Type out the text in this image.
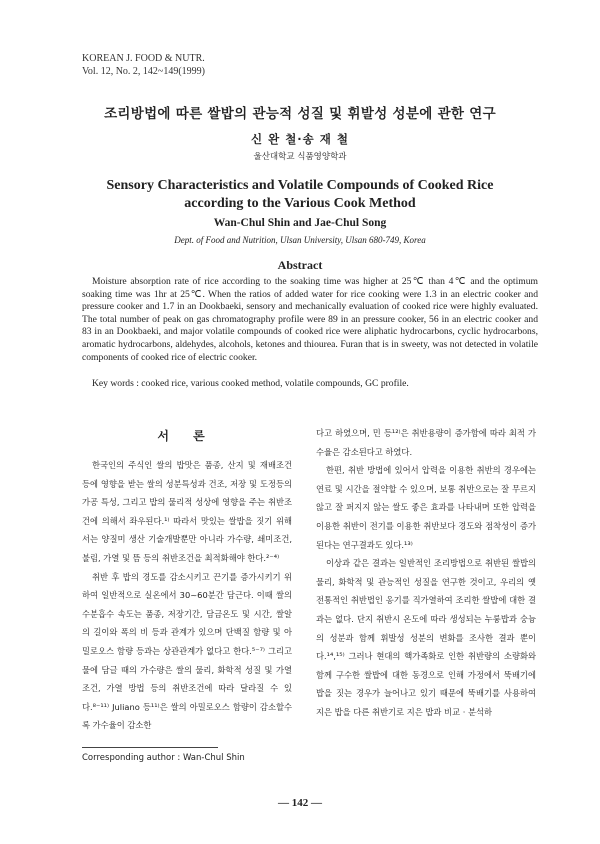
KOREAN J. FOOD & NUTR.
Vol. 12, No. 2, 142~149(1999)
조리방법에 따른 쌀밥의 관능적 성질 및 휘발성 성분에 관한 연구
신 완 철·송 재 철
울산대학교 식품영양학과
Sensory Characteristics and Volatile Compounds of Cooked Rice
according to the Various Cook Method
Wan-Chul Shin and Jae-Chul Song
Dept. of Food and Nutrition, Ulsan University, Ulsan 680-749, Korea
Abstract
Moisture absorption rate of rice according to the soaking time was higher at 25℃ than 4℃ and the optimum soaking time was 1hr at 25℃. When the ratios of added water for rice cooking were 1.3 in an electric cooker and pressure cooker and 1.7 in an Dookbaeki, sensory and mechanically evaluation of cooked rice were highly evaluated. The total number of peak on gas chromatography profile were 89 in an pressure cooker, 56 in an electric cooker and 83 in an Dookbaeki, and major volatile compounds of cooked rice were aliphatic hydrocarbons, cyclic hydrocarbons, aromatic hydrocarbons, aldehydes, alcohols, ketones and thiourea. Furan that is in sweety, was not detected in volatile components of cooked rice of electric cooker.
Key words : cooked rice, various cooked method, volatile compounds, GC profile.
서 론

한국인의 주식인 쌀의 밥맛은 품종, 산지 및 재배조건 등에 영향을 받는 쌀의 성분특성과 건조, 저장 및 도정등의 가공 특성, 그리고 밥의 물리적 성상에 영향을 주는 취반조건에 의해서 좌우된다.¹⁾ 따라서 맛있는 쌀밥을 짓기 위해서는 양질미 생산 기술개발뿐만 아니라 가수량, 쇄미조건, 불림, 가열 및 뜸 등의 취반조건을 최적화해야 한다.²⁻⁴⁾

취반 후 밥의 경도를 감소시키고 끈기를 증가시키기 위하여 일반적으로 실온에서 30~60분간 담근다. 이때 쌀의 수분흡수 속도는 품종, 저장기간, 담금온도 및 시간, 쌀알의 길이와 폭의 비 등과 관계가 있으며 단백질 함량 및 아밀로오스 함량 등과는 상관관계가 없다고 한다.⁵⁻⁷⁾ 그리고 물에 담글 때의 가수량은 쌀의 물리, 화학적 성질 및 가열 조건, 가열 방법 등의 취반조건에 따라 달라질 수 있다.⁸⁻¹¹⁾ Juliano 등¹¹⁾은 쌀의 아밀로오스 함량이 감소할수록 가수율이 감소한

다고 하였으며, 민 등¹²⁾은 취반용량이 증가함에 따라 최적 가수율은 감소된다고 하였다.

한편, 취반 방법에 있어서 압력을 이용한 취반의 경우에는 연료 및 시간을 절약할 수 있으며, 보통 취반으로는 잘 무르지 않고 잘 퍼지지 않는 쌀도 좋은 효과를 나타내며 또한 압력을 이용한 취반이 전기를 이용한 취반보다 경도와 점착성이 증가된다는 연구결과도 있다.¹³⁾

이상과 같은 결과는 일반적인 조리방법으로 취반된 쌀밥의 물리, 화학적 및 관능적인 성질을 연구한 것이고, 우리의 옛 전통적인 취반법인 옹기를 직가열하여 조리한 쌀밥에 대한 결과는 없다. 단지 취반시 온도에 따라 생성되는 누룽밥과 숭늉의 성분과 함께 휘발성 성분의 변화를 조사한 결과 뿐이다.¹⁴,¹⁵⁾ 그러나 현대의 핵가족화로 인한 취반량의 소량화와 함께 구수한 쌀밥에 대한 동경으로 인해 가정에서 뚝배기에 밥을 짓는 경우가 늘어나고 있기 때문에 뚝배기를 사용하여 지은 밥을 다른 취반기로 지은 밥과 비교 · 분석하

Corresponding author : Wan-Chul Shin
— 142 —
